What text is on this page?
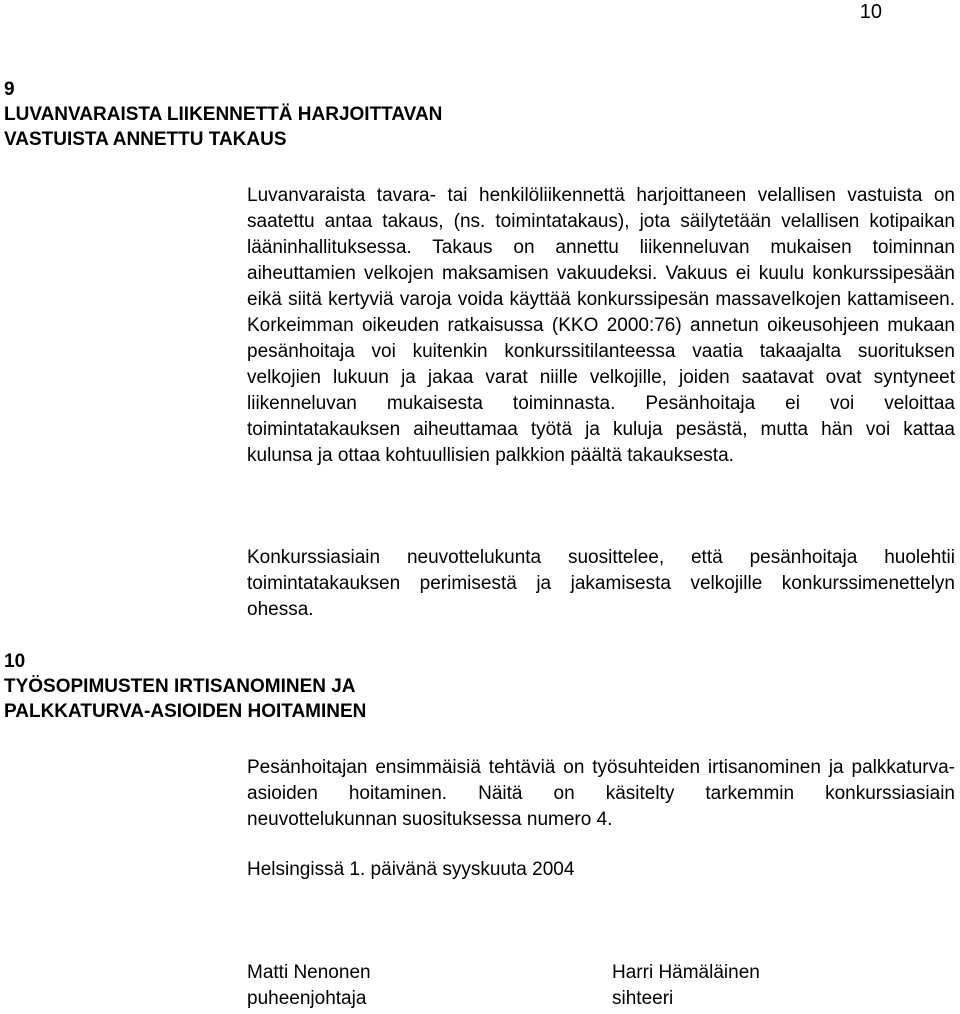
10
9
LUVANVARAISTA LIIKENNETTÄ HARJOITTAVAN
VASTUISTA ANNETTU TAKAUS
Luvanvaraista tavara- tai henkilöliikennettä harjoittaneen velallisen vastuista on saatettu antaa takaus, (ns. toimintatakaus), jota säilytetään velallisen kotipaikan lääninhallituksessa. Takaus on annettu liikenneluvan mukaisen toiminnan aiheuttamien velkojen maksamisen vakuudeksi. Vakuus ei kuulu konkurssipesään eikä siitä kertyviä varoja voida käyttää konkurssipesän massavelkojen kattamiseen. Korkeimman oikeuden ratkaisussa (KKO 2000:76) annetun oikeusohjeen mukaan pesänhoitaja voi kuitenkin konkurssitilanteessa vaatia takaajalta suorituksen velkojien lukuun ja jakaa varat niille velkojille, joiden saatavat ovat syntyneet liikenneluvan mukaisesta toiminnasta. Pesänhoitaja ei voi veloittaa toimintatakauksen aiheuttamaa työtä ja kuluja pesästä, mutta hän voi kattaa kulunsa ja ottaa kohtuullisien palkkion päältä takauksesta.
Konkurssiasiain neuvottelukunta suosittelee, että pesänhoitaja huolehtii toimintatakauksen perimisestä ja jakamisesta velkojille konkurssimenettelyn ohessa.
10
TYÖSOPIMUSTEN IRTISANOMINEN JA
PALKKATURVA-ASIOIDEN HOITAMINEN
Pesänhoitajan ensimmäisiä tehtäviä on työsuhteiden irtisanominen ja palkkaturva-asioiden hoitaminen. Näitä on käsitelty tarkemmin konkurssiasiain neuvottelukunnan suosituksessa numero 4.
Helsingissä 1. päivänä syyskuuta 2004
Matti Nenonen
puheenjohtaja
Harri Hämäläinen
sihteeri
